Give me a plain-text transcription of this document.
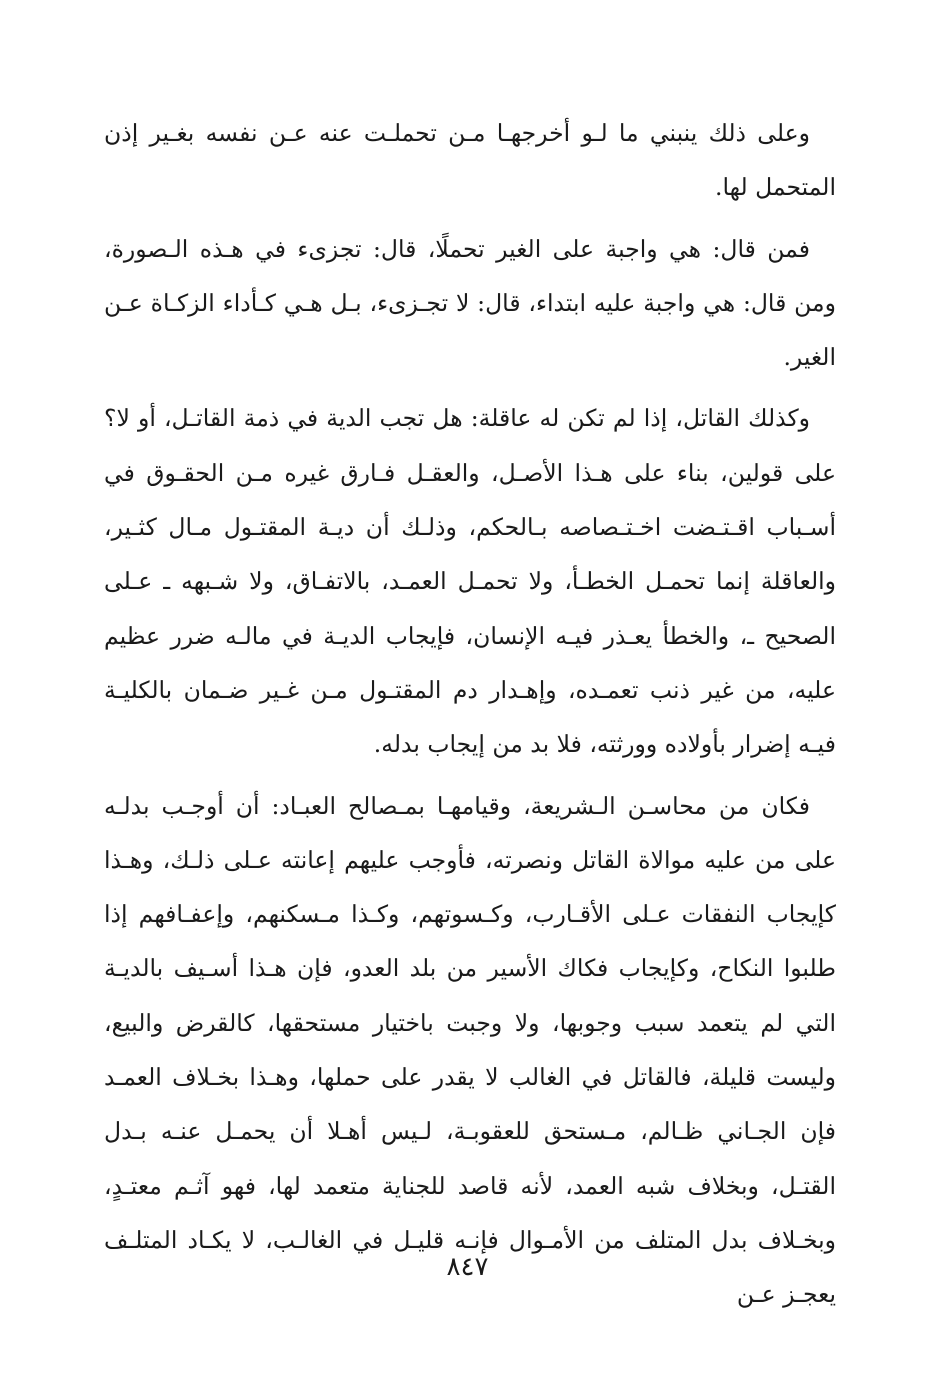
وعلى ذلك ينبني ما لـو أخرجهـا مـن تحملـت عنه عـن نفسه بغـير إذن المتحمل لها.

فمن قال: هي واجبة على الغير تحملًا، قال: تجزىء في هـذه الـصورة، ومن قال: هي واجبة عليه ابتداء، قال: لا تجـزىء، بـل هـي كـأداء الزكـاة عـن الغير.

وكذلك القاتل، إذا لم تكن له عاقلة: هل تجب الدية في ذمة القاتـل، أو لا؟ على قولين، بناء على هـذا الأصـل، والعقـل فـارق غيره مـن الحقـوق في أسـباب اقـتـضت اخـتـصاصه بـالحكم، وذلـك أن ديـة المقتـول مـال كثـير، والعاقلة إنما تحمـل الخطـأ، ولا تحمـل العمـد، بالاتفـاق، ولا شـبهه ـ عـلى الصحيح ـ، والخطأ يعـذر فيـه الإنسان، فإيجاب الديـة في مالـه ضرر عظيم عليه، من غير ذنب تعمـده، وإهـدار دم المقتـول مـن غـير ضـمان بالكليـة فيـه إضرار بأولاده وورثته، فلا بد من إيجاب بدله.

فكان من محاسـن الـشريعة، وقيامهـا بمـصالح العبـاد: أن أوجـب بدلـه على من عليه موالاة القاتل ونصرته، فأوجب عليهم إعانته عـلى ذلـك، وهـذا كإيجاب النفقات عـلى الأقـارب، وكـسوتهم، وكـذا مـسكنهم، وإعفـافهم إذا طلبوا النكاح، وكإيجاب فكاك الأسير من بلد العدو، فإن هـذا أسـيف بالديـة التي لم يتعمد سبب وجوبها، ولا وجبت باختيار مستحقها، كالقرض والبيع، وليست قليلة، فالقاتل في الغالب لا يقدر على حملها، وهـذا بخـلاف العمـد فإن الجـاني ظـالم، مـستحق للعقوبـة، لـيس أهـلا أن يحمـل عنـه بـدل القتـل، وبخلاف شبه العمد، لأنه قاصد للجناية متعمد لها، فهو آثـم معتـدٍ، وبخـلاف بدل المتلف من الأمـوال فإنـه قليـل في الغالـب، لا يكـاد المتلـف يعجـز عـن

٨٤٧
